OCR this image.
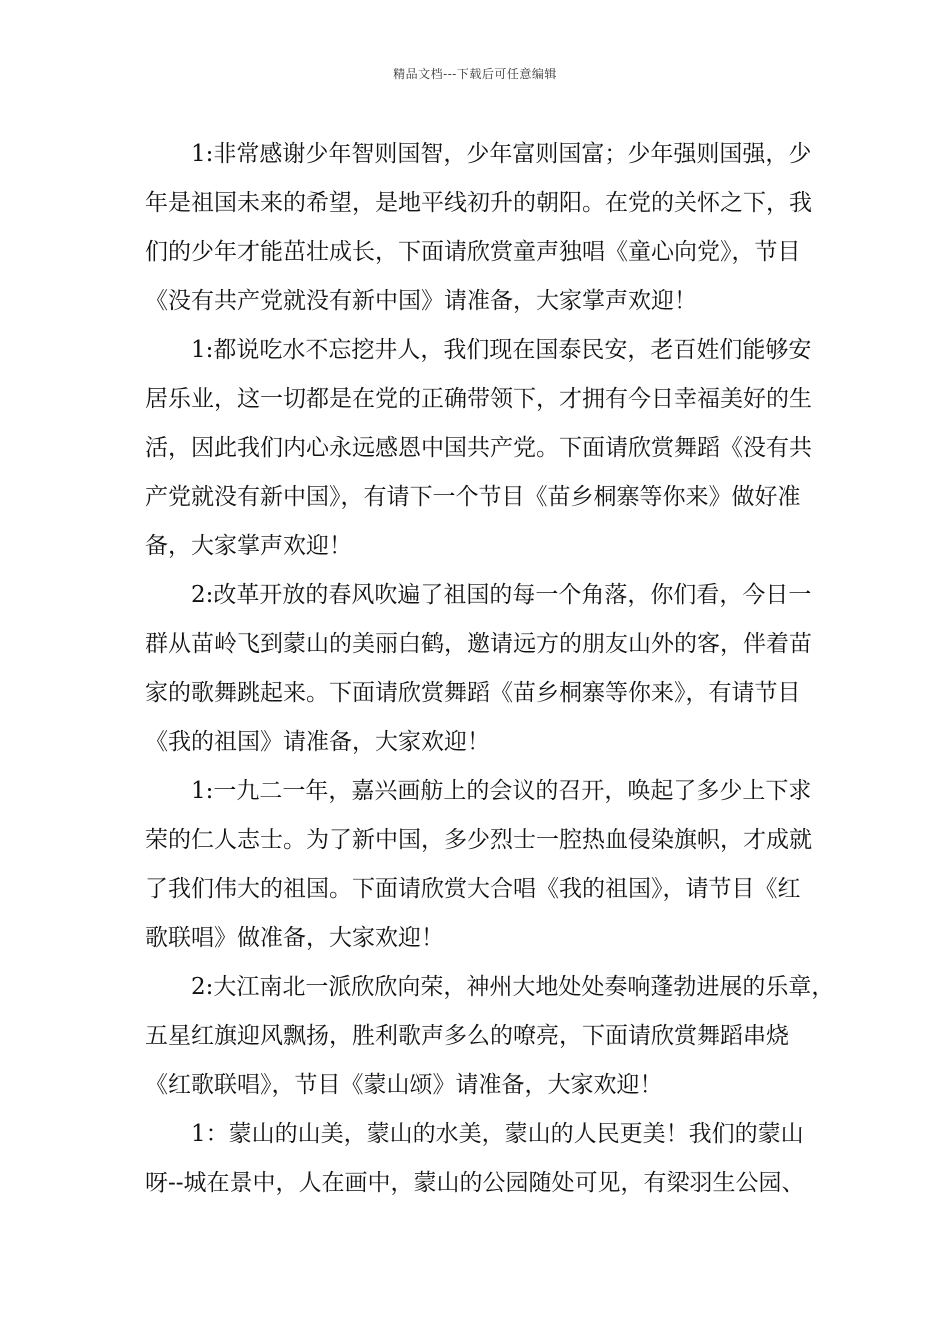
精品文档---下载后可任意编辑
1:非常感谢少年智则国智，少年富则国富；少年强则国强，少
年是祖国未来的希望，是地平线初升的朝阳。在党的关怀之下，我
们的少年才能茁壮成长，下面请欣赏童声独唱《童心向党》，节目
《没有共产党就没有新中国》请准备，大家掌声欢迎！
1:都说吃水不忘挖井人，我们现在国泰民安，老百姓们能够安
居乐业，这一切都是在党的正确带领下，才拥有今日幸福美好的生
活，因此我们内心永远感恩中国共产党。下面请欣赏舞蹈《没有共
产党就没有新中国》，有请下一个节目《苗乡桐寨等你来》做好准
备，大家掌声欢迎！
2:改革开放的春风吹遍了祖国的每一个角落，你们看，今日一
群从苗岭飞到蒙山的美丽白鹤，邀请远方的朋友山外的客，伴着苗
家的歌舞跳起来。下面请欣赏舞蹈《苗乡桐寨等你来》，有请节目
《我的祖国》请准备，大家欢迎！
1:一九二一年，嘉兴画舫上的会议的召开，唤起了多少上下求
荣的仁人志士。为了新中国，多少烈士一腔热血侵染旗帜，才成就
了我们伟大的祖国。下面请欣赏大合唱《我的祖国》，请节目《红
歌联唱》做准备，大家欢迎！
2:大江南北一派欣欣向荣，神州大地处处奏响蓬勃进展的乐章，
五星红旗迎风飘扬，胜利歌声多么的嘹亮，下面请欣赏舞蹈串烧
《红歌联唱》，节目《蒙山颂》请准备，大家欢迎！
1：蒙山的山美，蒙山的水美，蒙山的人民更美！我们的蒙山
呀--城在景中，人在画中，蒙山的公园随处可见，有梁羽生公园、
